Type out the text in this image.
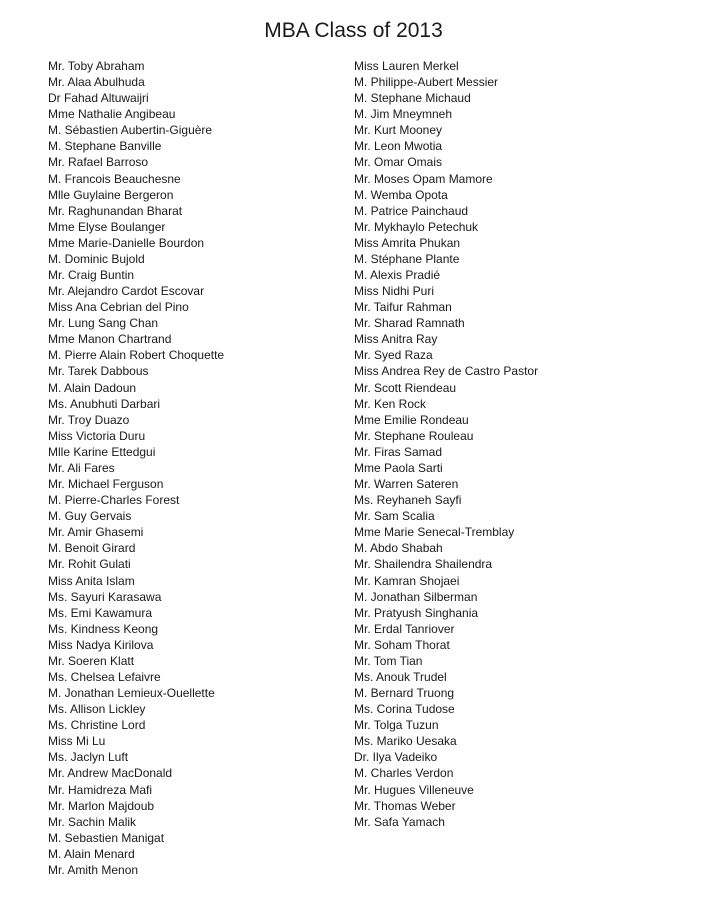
MBA Class of 2013
Mr. Toby Abraham
Mr. Alaa Abulhuda
Dr Fahad Altuwaijri
Mme Nathalie Angibeau
M. Sébastien Aubertin-Giguère
M. Stephane Banville
Mr. Rafael Barroso
M. Francois Beauchesne
Mlle Guylaine Bergeron
Mr. Raghunandan Bharat
Mme Elyse Boulanger
Mme Marie-Danielle Bourdon
M. Dominic Bujold
Mr. Craig Buntin
Mr. Alejandro Cardot Escovar
Miss Ana Cebrian del Pino
Mr. Lung Sang Chan
Mme Manon Chartrand
M. Pierre Alain Robert Choquette
Mr. Tarek Dabbous
M. Alain Dadoun
Ms. Anubhuti Darbari
Mr. Troy Duazo
Miss Victoria Duru
Mlle Karine Ettedgui
Mr. Ali Fares
Mr. Michael Ferguson
M. Pierre-Charles Forest
M. Guy Gervais
Mr. Amir Ghasemi
M. Benoit Girard
Mr. Rohit Gulati
Miss Anita Islam
Ms. Sayuri Karasawa
Ms. Emi Kawamura
Ms. Kindness Keong
Miss Nadya Kirilova
Mr. Soeren Klatt
Ms. Chelsea Lefaivre
M. Jonathan Lemieux-Ouellette
Ms. Allison Lickley
Ms. Christine Lord
Miss Mi Lu
Ms. Jaclyn Luft
Mr. Andrew MacDonald
Mr. Hamidreza Mafi
Mr. Marlon Majdoub
Mr. Sachin Malik
M. Sebastien Manigat
M. Alain Menard
Mr. Amith Menon
Miss Lauren Merkel
M. Philippe-Aubert Messier
M. Stephane Michaud
M. Jim Mneymneh
Mr. Kurt Mooney
Mr. Leon Mwotia
Mr. Omar Omais
Mr. Moses Opam Mamore
M. Wemba Opota
M. Patrice Painchaud
Mr. Mykhaylo Petechuk
Miss Amrita Phukan
M. Stéphane Plante
M. Alexis Pradié
Miss Nidhi Puri
Mr. Taifur Rahman
Mr. Sharad Ramnath
Miss Anitra Ray
Mr. Syed Raza
Miss Andrea Rey de Castro Pastor
Mr. Scott Riendeau
Mr. Ken Rock
Mme Emilie Rondeau
Mr. Stephane Rouleau
Mr. Firas Samad
Mme Paola Sarti
Mr. Warren Sateren
Ms. Reyhaneh Sayfi
Mr. Sam Scalia
Mme Marie Senecal-Tremblay
M. Abdo Shabah
Mr. Shailendra Shailendra
Mr. Kamran Shojaei
M. Jonathan Silberman
Mr. Pratyush Singhania
Mr. Erdal Tanriover
Mr. Soham Thorat
Mr. Tom Tian
Ms. Anouk Trudel
M. Bernard Truong
Ms. Corina Tudose
Mr. Tolga Tuzun
Ms. Mariko Uesaka
Dr. Ilya Vadeiko
M. Charles Verdon
Mr. Hugues Villeneuve
Mr. Thomas Weber
Mr. Safa Yamach
